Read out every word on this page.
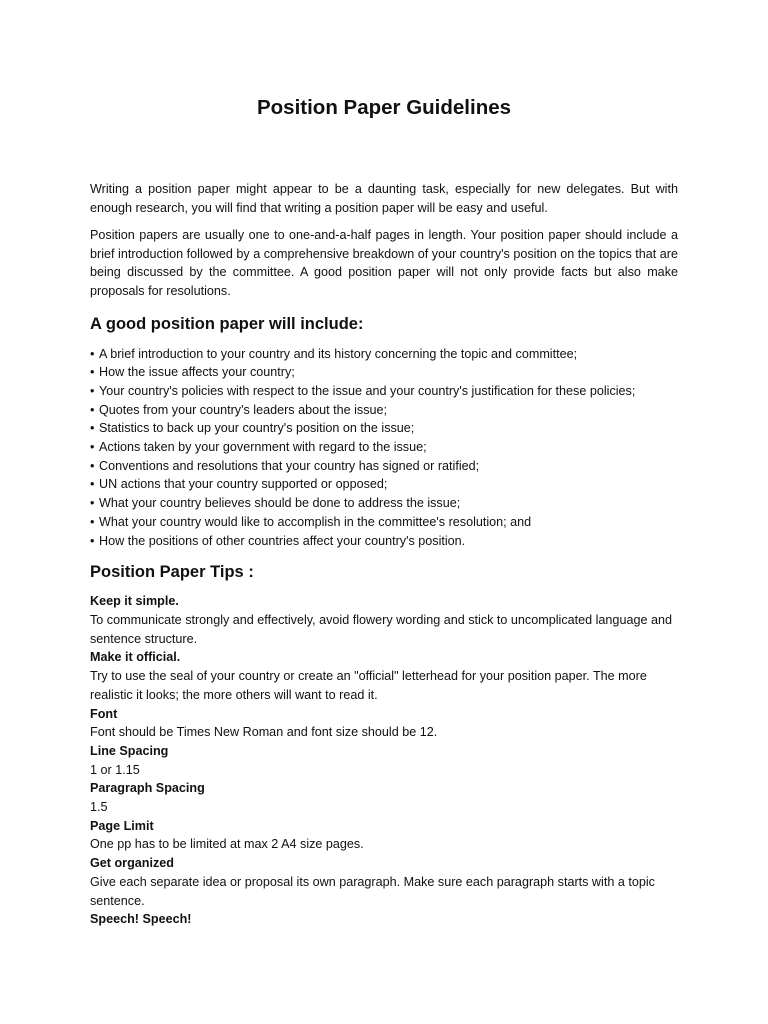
Position Paper Guidelines

Writing a position paper might appear to be a daunting task, especially for new delegates. But with enough research, you will find that writing a position paper will be easy and useful.

Position papers are usually one to one-and-a-half pages in length. Your position paper should include a brief introduction followed by a comprehensive breakdown of your country's position on the topics that are being discussed by the committee. A good position paper will not only provide facts but also make proposals for resolutions.

A good position paper will include:
• A brief introduction to your country and its history concerning the topic and committee;
• How the issue affects your country;
• Your country's policies with respect to the issue and your country's justification for these policies;
• Quotes from your country's leaders about the issue;
• Statistics to back up your country's position on the issue;
• Actions taken by your government with regard to the issue;
• Conventions and resolutions that your country has signed or ratified;
• UN actions that your country supported or opposed;
• What your country believes should be done to address the issue;
• What your country would like to accomplish in the committee's resolution; and
• How the positions of other countries affect your country's position.
Position Paper Tips :

Keep it simple.

To communicate strongly and effectively, avoid flowery wording and stick to uncomplicated language and sentence structure.

Make it official.

Try to use the seal of your country or create an "official" letterhead for your position paper. The more realistic it looks; the more others will want to read it.

Font

Font should be Times New Roman and font size should be 12.

Line Spacing

1 or 1.15

Paragraph Spacing

1.5

Page Limit

One pp has to be limited at max 2 A4 size pages.

Get organized

Give each separate idea or proposal its own paragraph. Make sure each paragraph starts with a topic sentence.

Speech! Speech!
